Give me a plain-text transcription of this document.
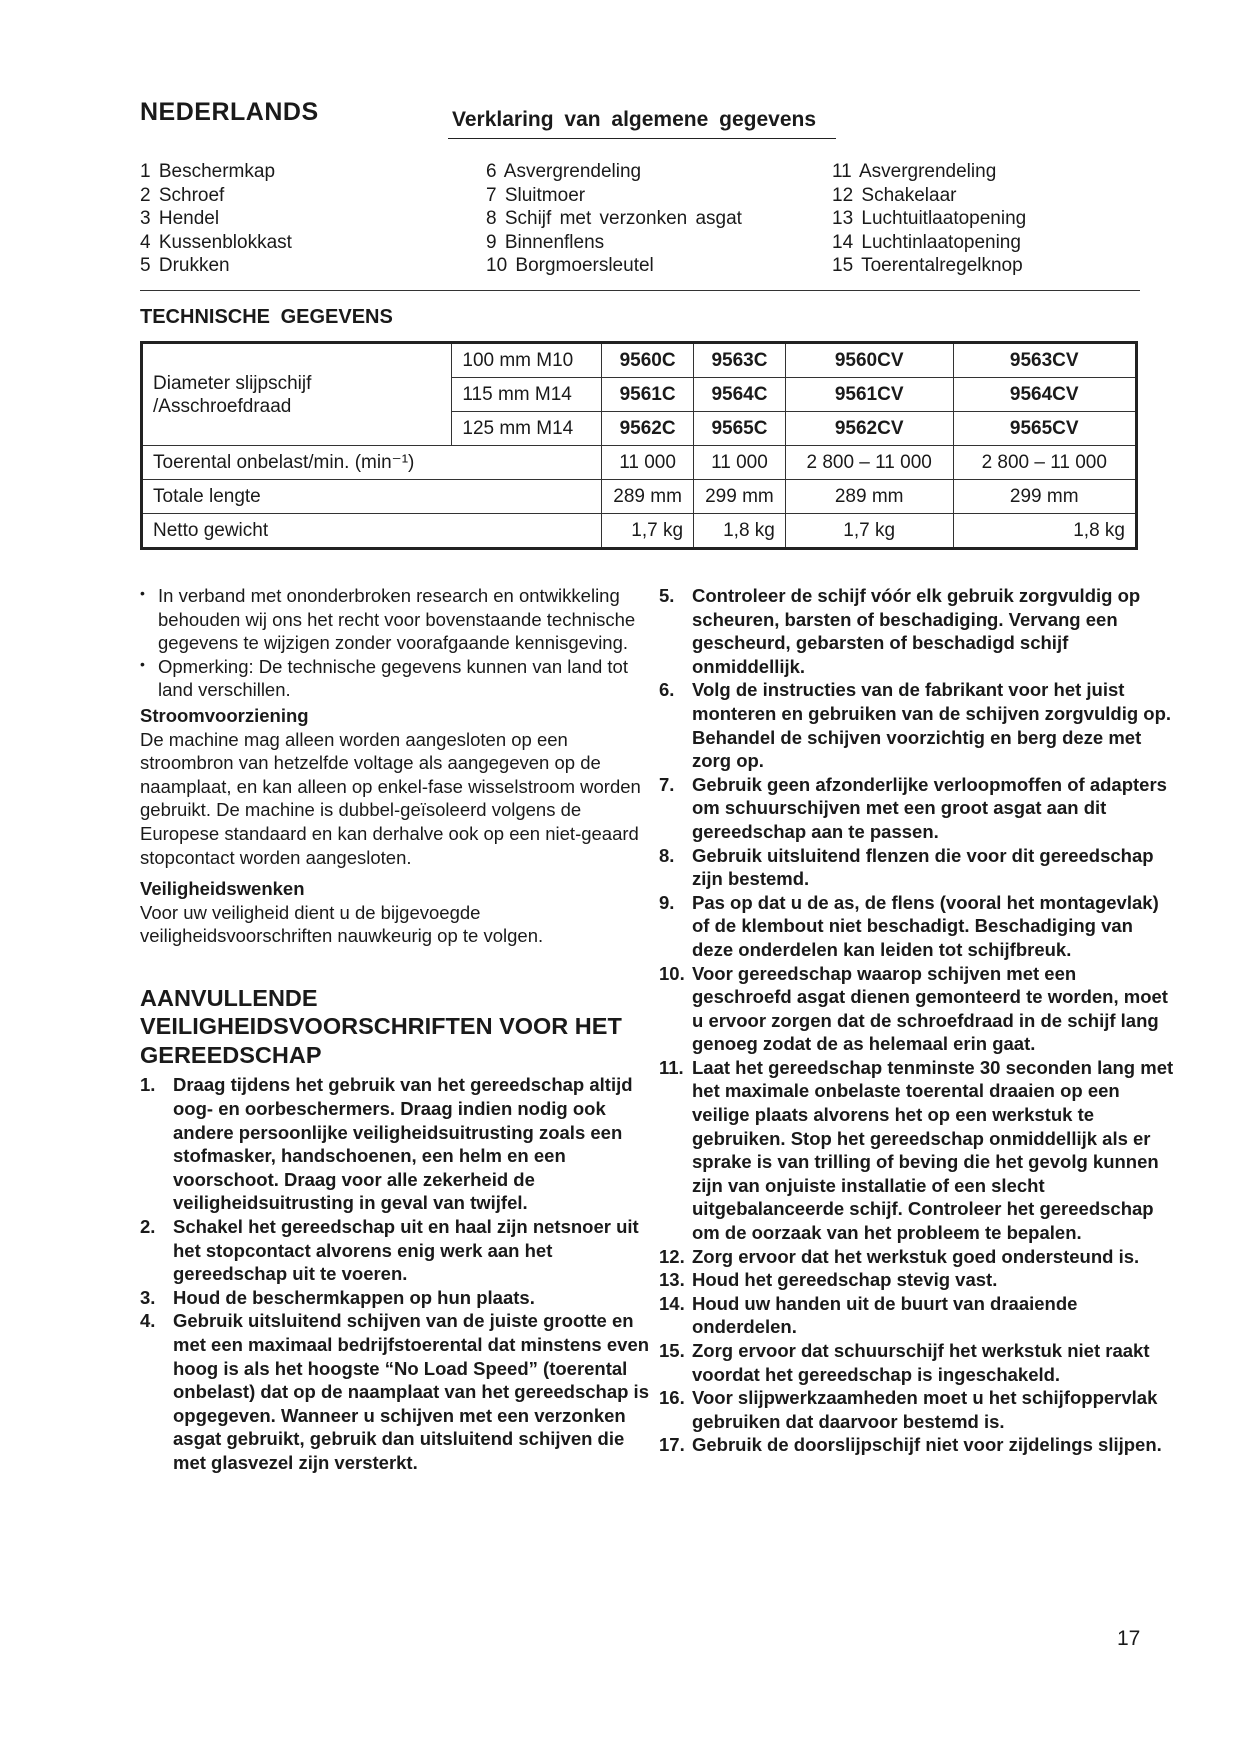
NEDERLANDS	Verklaring van algemene gegevens
1 Beschermkap
2 Schroef
3 Hendel
4 Kussenblokkast
5 Drukken
6 Asvergrendeling
7 Sluitmoer
8 Schijf met verzonken asgat
9 Binnenflens
10 Borgmoersleutel
11 Asvergrendeling
12 Schakelaar
13 Luchtuitlaatopening
14 Luchtinlaatopening
15 Toerentalregelknop
TECHNISCHE GEGEVENS
Diameter slijpschijf /Asschroefdraad	100 mm M10	9560C	9563C	9560CV	9563CV
	115 mm M14	9561C	9564C	9561CV	9564CV
	125 mm M14	9562C	9565C	9562CV	9565CV
Toerental onbelast/min. (min⁻¹)		11 000	11 000	2 800 – 11 000	2 800 – 11 000
Totale lengte		289 mm	299 mm	289 mm	299 mm
Netto gewicht		1,7 kg	1,8 kg	1,7 kg	1,8 kg

• In verband met ononderbroken research en ontwikkeling behouden wij ons het recht voor bovenstaande technische gegevens te wijzigen zonder voorafgaande kennisgeving.

• Opmerking: De technische gegevens kunnen van land tot land verschillen.

Stroomvoorziening

De machine mag alleen worden aangesloten op een stroombron van hetzelfde voltage als aangegeven op de naamplaat, en kan alleen op enkel-fase wisselstroom worden gebruikt. De machine is dubbel-geïsoleerd volgens de Europese standaard en kan derhalve ook op een niet-geaard stopcontact worden aangesloten.

Veiligheidswenken

Voor uw veiligheid dient u de bijgevoegde veiligheidsvoorschriften nauwkeurig op te volgen.

AANVULLENDE VEILIGHEIDSVOORSCHRIFTEN VOOR HET GEREEDSCHAP

1. Draag tijdens het gebruik van het gereedschap altijd oog- en oorbeschermers. Draag indien nodig ook andere persoonlijke veiligheidsuitrusting zoals een stofmasker, handschoenen, een helm en een voorschoot. Draag voor alle zekerheid de veiligheidsuitrusting in geval van twijfel.
2. Schakel het gereedschap uit en haal zijn netsnoer uit het stopcontact alvorens enig werk aan het gereedschap uit te voeren.
3. Houd de beschermkappen op hun plaats.
4. Gebruik uitsluitend schijven van de juiste grootte en met een maximaal bedrijfstoerental dat minstens even hoog is als het hoogste “No Load Speed” (toerental onbelast) dat op de naamplaat van het gereedschap is opgegeven. Wanneer u schijven met een verzonken asgat gebruikt, gebruik dan uitsluitend schijven die met glasvezel zijn versterkt.
5. Controleer de schijf vóór elk gebruik zorgvuldig op scheuren, barsten of beschadiging. Vervang een gescheurd, gebarsten of beschadigd schijf onmiddellijk.
6. Volg de instructies van de fabrikant voor het juist monteren en gebruiken van de schijven zorgvuldig op. Behandel de schijven voorzichtig en berg deze met zorg op.
7. Gebruik geen afzonderlijke verloopmoffen of adapters om schuurschijven met een groot asgat aan dit gereedschap aan te passen.
8. Gebruik uitsluitend flenzen die voor dit gereedschap zijn bestemd.
9. Pas op dat u de as, de flens (vooral het montagevlak) of de klembout niet beschadigt. Beschadiging van deze onderdelen kan leiden tot schijfbreuk.
10. Voor gereedschap waarop schijven met een geschroefd asgat dienen gemonteerd te worden, moet u ervoor zorgen dat de schroefdraad in de schijf lang genoeg zodat de as helemaal erin gaat.
11. Laat het gereedschap tenminste 30 seconden lang met het maximale onbelaste toerental draaien op een veilige plaats alvorens het op een werkstuk te gebruiken. Stop het gereedschap onmiddellijk als er sprake is van trilling of beving die het gevolg kunnen zijn van onjuiste installatie of een slecht uitgebalanceerde schijf. Controleer het gereedschap om de oorzaak van het probleem te bepalen.
12. Zorg ervoor dat het werkstuk goed ondersteund is.
13. Houd het gereedschap stevig vast.
14. Houd uw handen uit de buurt van draaiende onderdelen.
15. Zorg ervoor dat schuurschijf het werkstuk niet raakt voordat het gereedschap is ingeschakeld.
16. Voor slijpwerkzaamheden moet u het schijfoppervlak gebruiken dat daarvoor bestemd is.
17. Gebruik de doorslijpschijf niet voor zijdelings slijpen.
17
